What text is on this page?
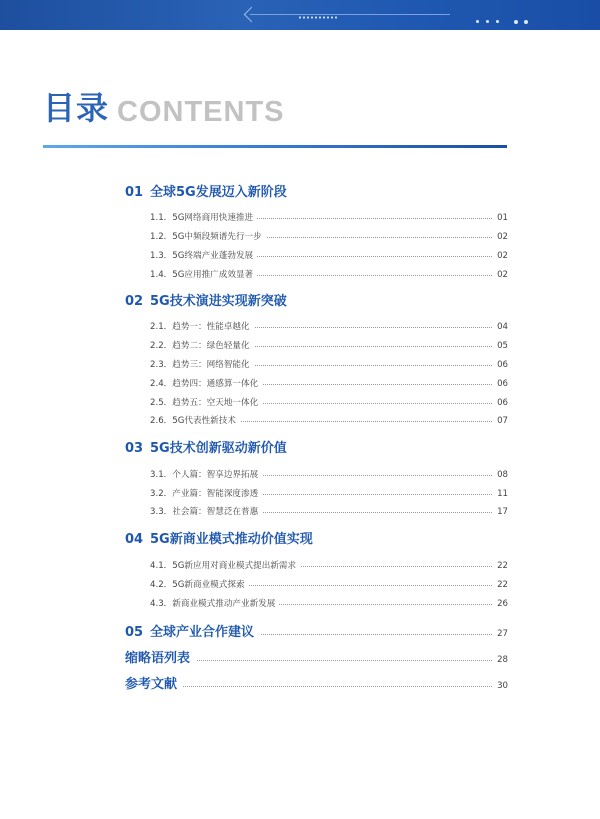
目录 CONTENTS
01 全球5G发展迈入新阶段
1.1．5G网络商用快速推进	01
1.2．5G中频段频谱先行一步	02
1.3．5G终端产业蓬勃发展	02
1.4．5G应用推广成效显著	02
02 5G技术演进实现新突破
2.1．趋势一：性能卓越化	04
2.2．趋势二：绿色轻量化	05
2.3．趋势三：网络智能化	06
2.4．趋势四：通感算一体化	06
2.5．趋势五：空天地一体化	06
2.6．5G代表性新技术	07
03 5G技术创新驱动新价值
3.1．个人篇：智享边界拓展	08
3.2．产业篇：智能深度渗透	11
3.3．社会篇：智慧泛在普惠	17
04 5G新商业模式推动价值实现
4.1．5G新应用对商业模式提出新需求	22
4.2．5G新商业模式探索	22
4.3．新商业模式推动产业新发展	26
05 全球产业合作建议	27
缩略语列表	28
参考文献	30
